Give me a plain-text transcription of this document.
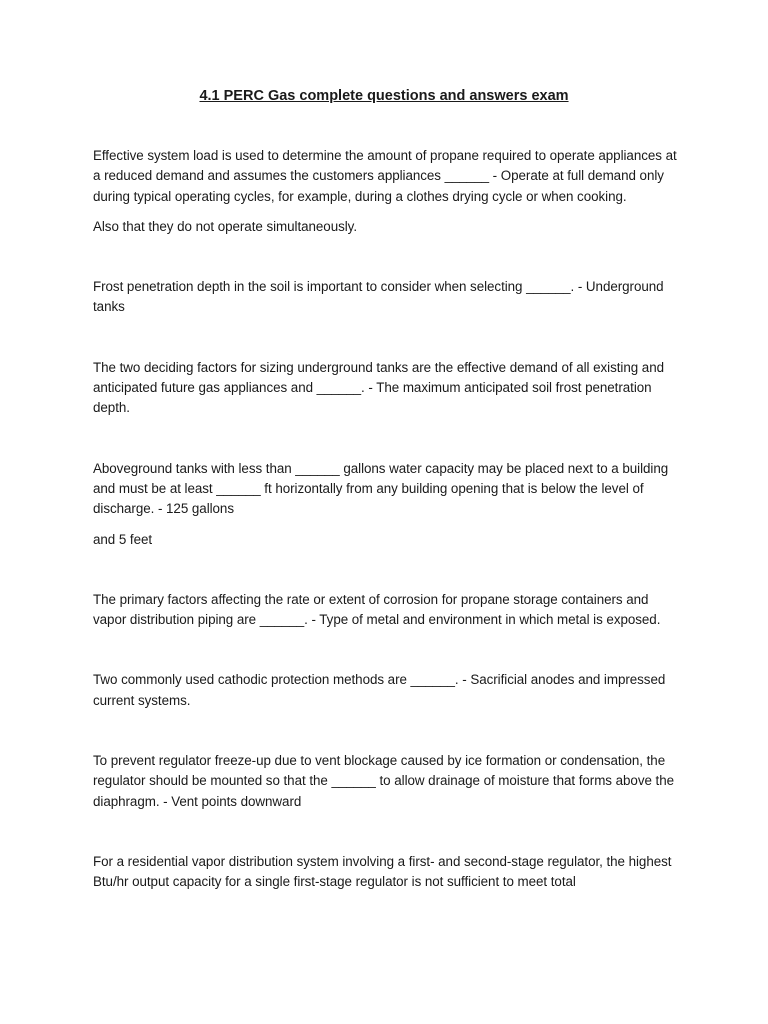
4.1 PERC Gas complete questions and answers exam

Effective system load is used to determine the amount of propane required to operate appliances at a reduced demand and assumes the customers appliances ______ - Operate at full demand only during typical operating cycles, for example, during a clothes drying cycle or when cooking.

Also that they do not operate simultaneously.

Frost penetration depth in the soil is important to consider when selecting ______. - Underground tanks

The two deciding factors for sizing underground tanks are the effective demand of all existing and anticipated future gas appliances and ______. - The maximum anticipated soil frost penetration depth.

Aboveground tanks with less than ______ gallons water capacity may be placed next to a building and must be at least ______ ft horizontally from any building opening that is below the level of discharge. - 125 gallons

and 5 feet

The primary factors affecting the rate or extent of corrosion for propane storage containers and vapor distribution piping are ______. - Type of metal and environment in which metal is exposed.

Two commonly used cathodic protection methods are ______. - Sacrificial anodes and impressed current systems.

To prevent regulator freeze-up due to vent blockage caused by ice formation or condensation, the regulator should be mounted so that the ______ to allow drainage of moisture that forms above the diaphragm. - Vent points downward

For a residential vapor distribution system involving a first- and second-stage regulator, the highest Btu/hr output capacity for a single first-stage regulator is not sufficient to meet total
